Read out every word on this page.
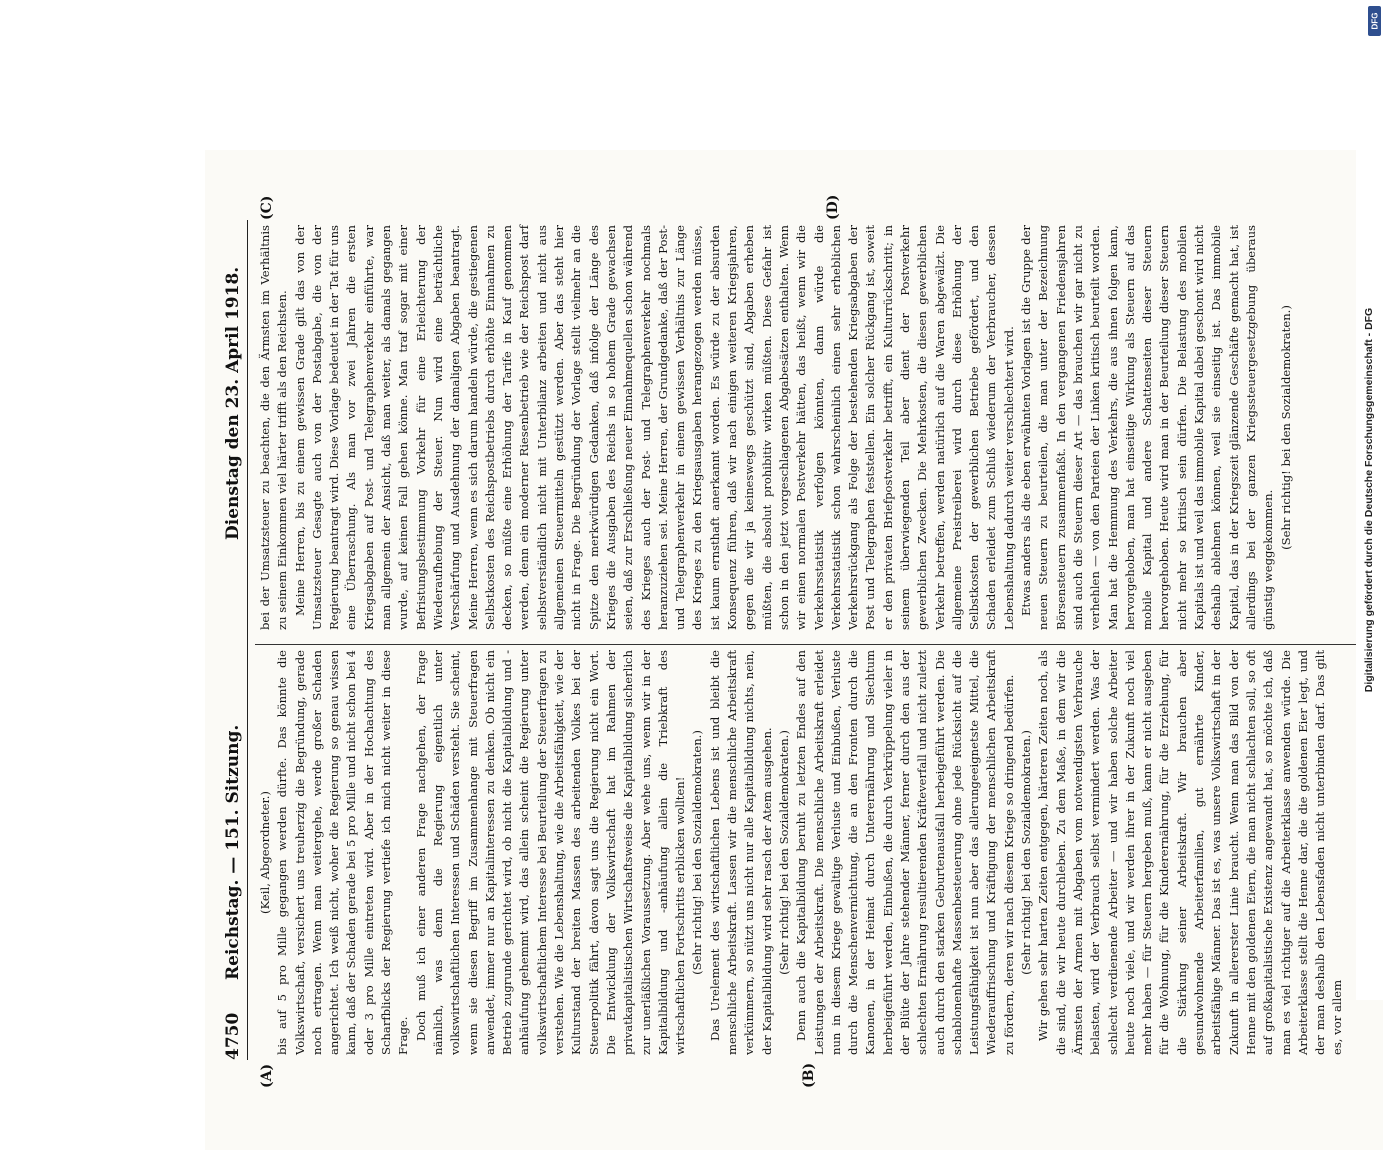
4750
Reichstag. — 151. Sitzung.
Dienstag den 23. April 1918.
(A)	(B)
(C)	(D)

(Keil, Abgeordneter.) bis auf 5 pro Mille gegangen werden dürfte. Das könnte die Volkswirtschaft, versichert uns treuherzig die Begründung, gerade noch ertragen. Wenn man weitergehe, werde großer Schaden angerichtet. Ich weiß nicht, woher die Regierung so genau wissen kann, daß der Schaden gerade bei 5 pro Mille und nicht schon bei 4 oder 3 pro Mille eintreten wird. Aber in der Hochachtung des Scharfblicks der Regierung vertiefe ich mich nicht weiter in diese Frage. Doch muß ich einer anderen Frage nachgehen, der Frage nämlich, was denn die Regierung eigentlich unter volkswirtschaftlichen Interessen und Schäden versteht. Sie scheint, wenn sie diesen Begriff im Zusammenhange mit Steuerfragen anwendet, immer nur an Kapitalinteressen zu denken. Ob nicht ein Betrieb zugrunde gerichtet wird, ob nicht die Kapitalbildung und -anhäufung gehemmt wird, das allein scheint die Regierung unter volkswirtschaftlichem Interesse bei Beurteilung der Steuerfragen zu verstehen. Wie die Lebenshaltung, wie die Arbeitsfähigkeit, wie der Kulturstand der breiten Massen des arbeitenden Volkes bei der Steuerpolitik fährt, davon sagt uns die Regierung nicht ein Wort. Die Entwicklung der Volkswirtschaft hat im Rahmen der privatkapitalistischen Wirtschaftsweise die Kapitalbildung sicherlich zur unerläßlichen Voraussetzung. Aber wehe uns, wenn wir in der Kapitalbildung und -anhäufung allein die Triebkraft des wirtschaftlichen Fortschritts erblicken wollten! (Sehr richtig! bei den Sozialdemokraten.) Das Urelement des wirtschaftlichen Lebens ist und bleibt die menschliche Arbeitskraft. Lassen wir die menschliche Arbeitskraft verkümmern, so nützt uns nicht nur alle Kapitalbildung nichts, nein, der Kapitalbildung wird sehr rasch der Atem ausgehen. (Sehr richtig! bei den Sozialdemokraten.) Denn auch die Kapitalbildung beruht zu letzten Endes auf den Leistungen der Arbeitskraft. Die menschliche Arbeitskraft erleidet nun in diesem Kriege gewaltige Verluste und Einbußen, Verluste durch die Menschenvernichtung, die an den Fronten durch die Kanonen, in der Heimat durch Unterernährung und Siechtum herbeigeführt werden, Einbußen, die durch Verkrüppelung vieler in der Blüte der Jahre stehender Männer, ferner durch den aus der schlechten Ernährung resultierenden Kräfteverfall und nicht zuletzt auch durch den starken Geburtenausfall herbeigeführt werden. Die schablonenhafte Massenbesteuerung ohne jede Rücksicht auf die Leistungsfähigkeit ist nun aber das allerungeeignetste Mittel, die Wiederauffrischung und Kräftigung der menschlichen Arbeitskraft zu fördern, deren wir nach diesem Kriege so dringend bedürfen. (Sehr richtig! bei den Sozialdemokraten.) Wir gehen sehr harten Zeiten entgegen, härteren Zeiten noch, als die sind, die wir heute durchleben. Zu dem Maße, in dem wir die Ärmsten der Armen mit Abgaben vom notwendigsten Verbrauche belasten, wird der Verbrauch selbst vermindert werden. Was der schlecht verdienende Arbeiter — und wir haben solche Arbeiter heute noch viele, und wir werden ihrer in der Zukunft noch viel mehr haben — für Steuern hergeben muß, kann er nicht ausgeben für die Wohnung, für die Kinderernährung, für die Erziehung, für die Stärkung seiner Arbeitskraft. Wir brauchen aber gesundwohnende Arbeiterfamilien, gut ernährte Kinder, arbeitsfähige Männer. Das ist es, was unsere Volkswirtschaft in der Zukunft in allererster Linie braucht. Wenn man das Bild von der Henne mit den goldenen Eiern, die man nicht schlachten soll, so oft auf großkapitalistische Existenz angewandt hat, so möchte ich, daß man es viel richtiger auf die Arbeiterklasse anwenden würde. Die Arbeiterklasse stellt die Henne dar, die die goldenen Eier legt, und der man deshalb den Lebensfaden nicht unterbinden darf. Das gilt es, vor allem

bei der Umsatzsteuer zu beachten, die den Ärmsten im Verhältnis zu seinem Einkommen viel härter trifft als den Reichsten. Meine Herren, bis zu einem gewissen Grade gilt das von der Umsatzsteuer Gesagte auch von der Postabgabe, die von der Regierung beantragt wird. Diese Vorlage bedeutet in der Tat für uns eine Überraschung. Als man vor zwei Jahren die ersten Kriegsabgaben auf Post- und Telegraphenverkehr einführte, war man allgemein der Ansicht, daß man weiter, als damals gegangen wurde, auf keinen Fall gehen könne. Man traf sogar mit einer Befristungsbestimmung Vorkehr für eine Erleichterung der Wiederaufhebung der Steuer. Nun wird eine beträchtliche Verschärfung und Ausdehnung der damaligen Abgaben beantragt. Meine Herren, wenn es sich darum handeln würde, die gestiegenen Selbstkosten des Reichspostbetriebs durch erhöhte Einnahmen zu decken, so müßte eine Erhöhung der Tarife in Kauf genommen werden, denn ein moderner Riesenbetrieb wie der Reichspost darf selbstverständlich nicht mit Unterbilanz arbeiten und nicht aus allgemeinen Steuermitteln gestützt werden. Aber das steht hier nicht in Frage. Die Begründung der Vorlage stellt vielmehr an die Spitze den merkwürdigen Gedanken, daß infolge der Länge des Krieges die Ausgaben des Reichs in so hohem Grade gewachsen seien, daß zur Erschließung neuer Einnahmequellen schon während des Krieges auch der Post- und Telegraphenverkehr nochmals heranzuziehen sei. Meine Herren, der Grundgedanke, daß der Post- und Telegraphenverkehr in einem gewissen Verhältnis zur Länge des Krieges zu den Kriegsausgaben herangezogen werden müsse, ist kaum ernsthaft anerkannt worden. Es würde zu der absurden Konsequenz führen, daß wir nach einigen weiteren Kriegsjahren, gegen die wir ja keineswegs geschützt sind, Abgaben erheben müßten, die absolut prohibitiv wirken müßten. Diese Gefahr ist schon in den jetzt vorgeschlagenen Abgabesätzen enthalten. Wenn wir einen normalen Postverkehr hätten, das heißt, wenn wir die Verkehrsstatistik verfolgen könnten, dann würde die Verkehrsstatistik schon wahrscheinlich einen sehr erheblichen Verkehrsrückgang als Folge der bestehenden Kriegsabgaben der Post und Telegraphen feststellen. Ein solcher Rückgang ist, soweit er den privaten Briefpostverkehr betrifft, ein Kulturrückschritt; in seinem überwiegenden Teil aber dient der Postverkehr gewerblichen Zwecken. Die Mehrkosten, die diesen gewerblichen Verkehr betreffen, werden natürlich auf die Waren abgewälzt. Die allgemeine Preistreiberei wird durch diese Erhöhung der Selbstkosten der gewerblichen Betriebe gefördert, und den Schaden erleidet zum Schluß wiederum der Verbraucher, dessen Lebenshaltung dadurch weiter verschlechtert wird. Etwas anders als die eben erwähnten Vorlagen ist die Gruppe der neuen Steuern zu beurteilen, die man unter der Bezeichnung Börsensteuern zusammenfaßt. In den vergangenen Friedensjahren sind auch die Steuern dieser Art — das brauchen wir gar nicht zu verhehlen — von den Parteien der Linken kritisch beurteilt worden. Man hat die Hemmung des Verkehrs, die aus ihnen folgen kann, hervorgehoben, man hat einseitige Wirkung als Steuern auf das mobile Kapital und andere Schattenseiten dieser Steuern hervorgehoben. Heute wird man in der Beurteilung dieser Steuern nicht mehr so kritisch sein dürfen. Die Belastung des mobilen Kapitals ist und weil das immobile Kapital dabei geschont wird nicht deshalb ablehnen können, weil sie einseitig ist. Das immobile Kapital, das in der Kriegszeit glänzende Geschäfte gemacht hat, ist allerdings bei der ganzen Kriegssteuergesetzgebung überaus günstig weggekommen.

(Sehr richtig! bei den Sozialdemokraten.)	Digitalisierung gefördert durch die Deutsche Forschungsgemeinschaft - DFG
DFG
